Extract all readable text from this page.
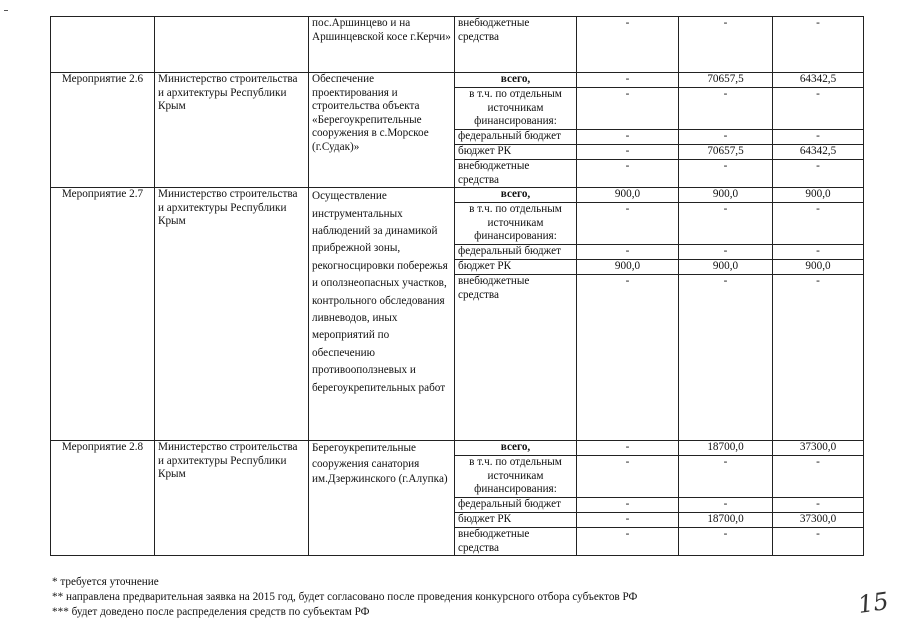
		пос.Аршинцево и на Аршинцевской косе г.Керчи»	внебюджетные средства	-	-	-
Мероприятие 2.6	Министерство строительства и архитектуры Республики Крым	Обеспечение проектирования и строительства объекта «Берегоукрепительные сооружения в с.Морское (г.Судак)»	всего,	-	70657,5	64342,5
			в т.ч. по отдельным источникам финансирования:	-	-	-
			федеральный бюджет	-	-	-
			бюджет РК	-	70657,5	64342,5
			внебюджетные средства	-	-	-
Мероприятие 2.7	Министерство строительства и архитектуры Республики Крым	Осуществление инструментальных наблюдений за динамикой прибрежной зоны, рекогносцировки побережья и оползнеопасных участков, контрольного обследования ливневодов, иных мероприятий по обеспечению противооползневых и берегоукрепительных работ	всего,	900,0	900,0	900,0
			в т.ч. по отдельным источникам финансирования:	-	-	-
			федеральный бюджет	-	-	-
			бюджет РК	900,0	900,0	900,0
			внебюджетные средства	-	-	-
Мероприятие 2.8	Министерство строительства и архитектуры Республики Крым	Берегоукрепительные сооружения санатория им.Дзержинского (г.Алупка)	всего,	-	18700,0	37300,0
			в т.ч. по отдельным источникам финансирования:	-	-	-
			федеральный бюджет	-	-	-
			бюджет РК	-	18700,0	37300,0
			внебюджетные средства	-	-	-
* требуется уточнение
** направлена предварительная заявка на 2015 год, будет согласовано после проведения конкурсного отбора субъектов РФ
*** будет доведено после распределения средств по субъектам РФ	15
